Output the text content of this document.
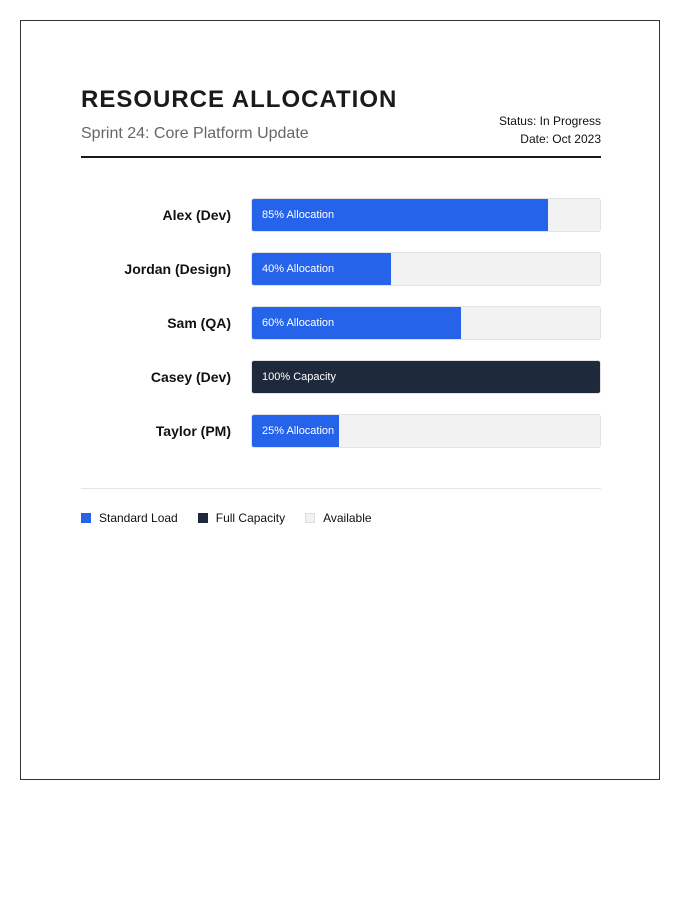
RESOURCE ALLOCATION
Sprint 24: Core Platform Update
Status: In Progress
Date: Oct 2023
Alex (Dev)	85% Allocation
Jordan (Design)	40% Allocation
Sam (QA)	60% Allocation
Casey (Dev)	100% Capacity
Taylor (PM)	25% Allocation
Standard Load	Full Capacity	Available
